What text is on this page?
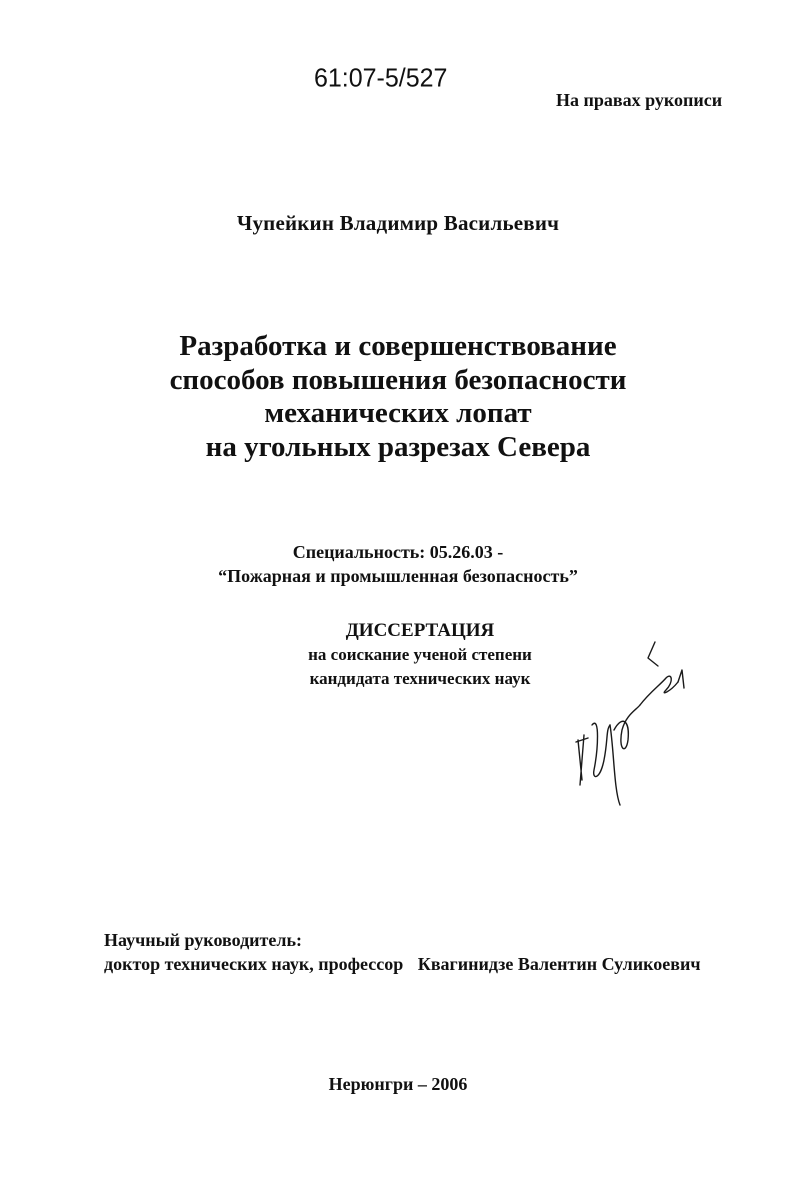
61:07-5/527
На правах рукописи
Чупейкин Владимир Васильевич
Разработка и совершенствование
способов повышения безопасности
механических лопат
на угольных разрезах Севера
Специальность: 05.26.03 -
“Пожарная и промышленная безопасность”
ДИССЕРТАЦИЯ
на соискание ученой степени
кандидата технических наук
Научный руководитель:
доктор технических наук, профессор Квагинидзе Валентин Суликоевич
Нерюнгри – 2006
